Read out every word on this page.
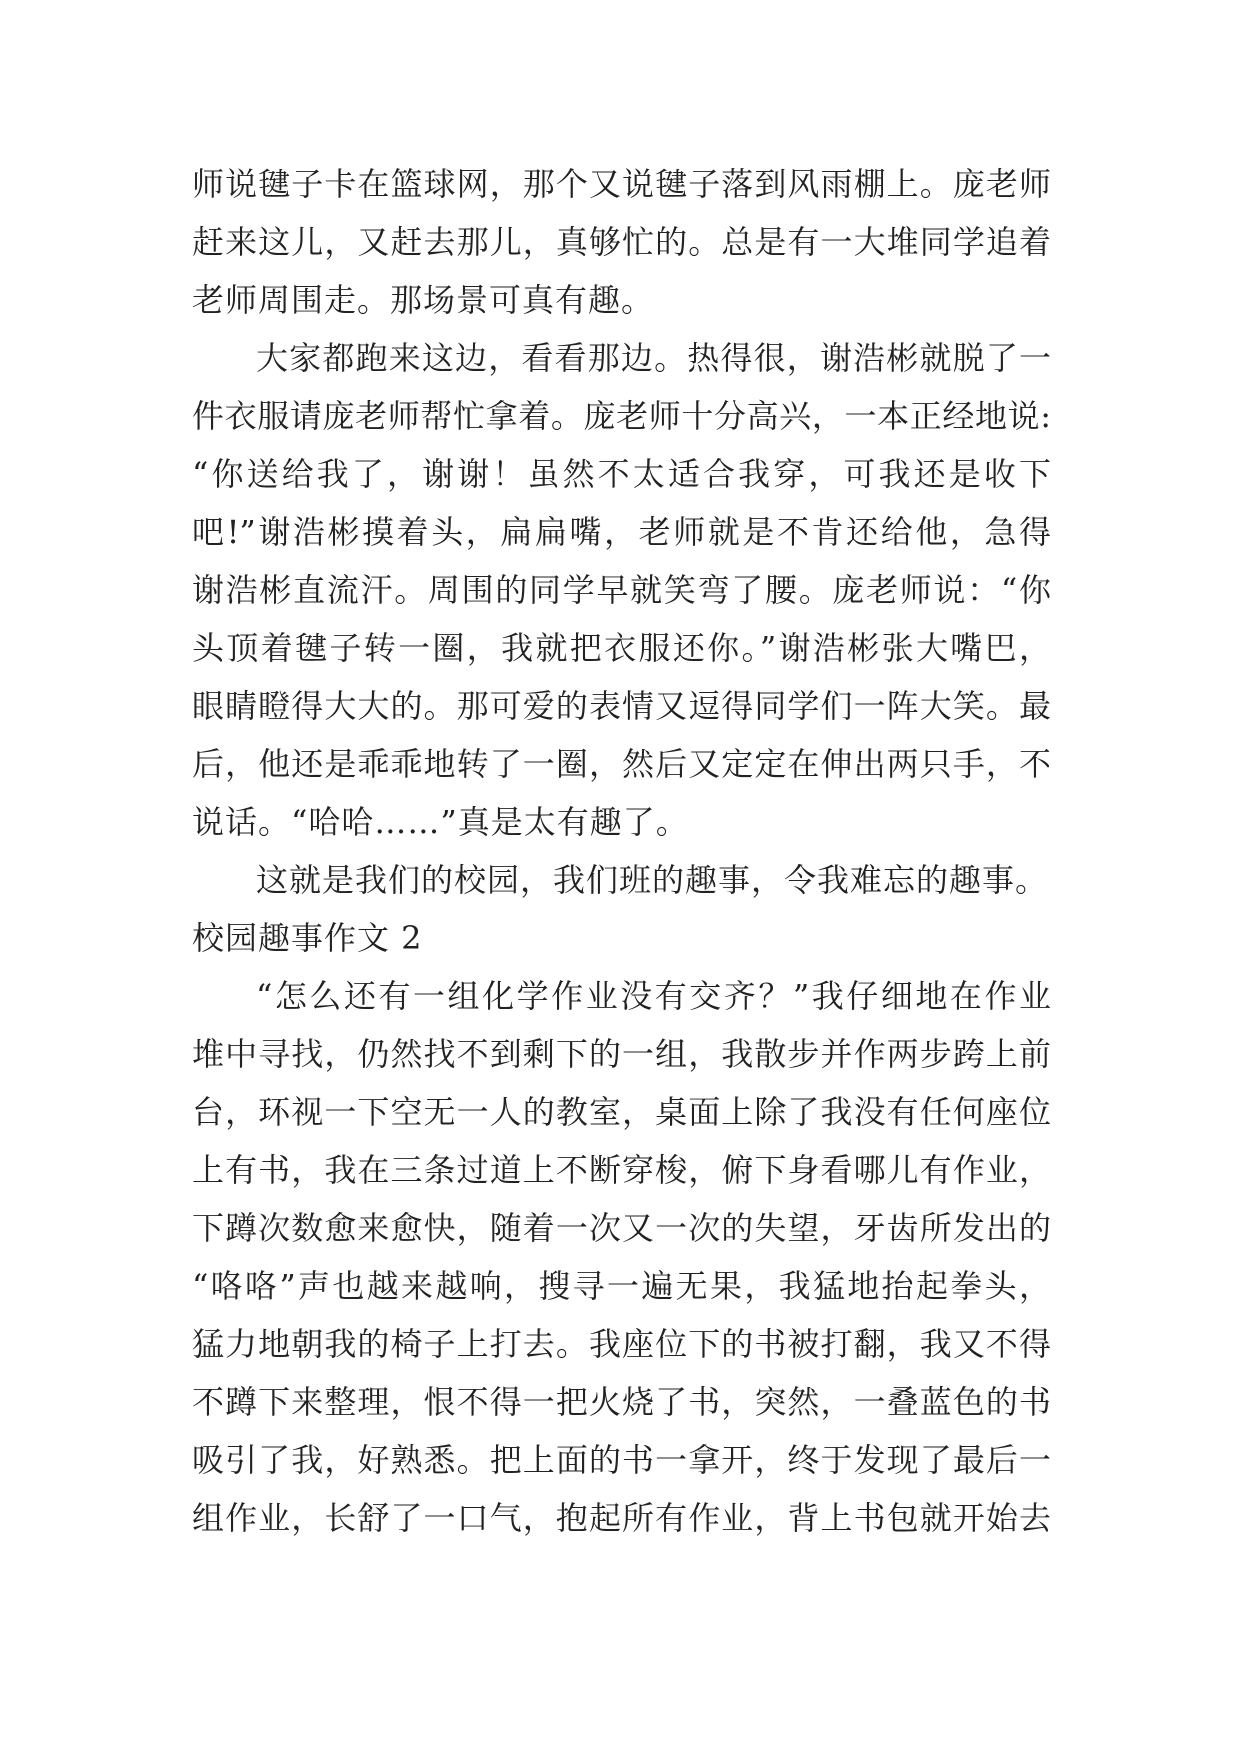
师说毽子卡在篮球网，那个又说毽子落到风雨棚上。庞老师
赶来这儿，又赶去那儿，真够忙的。总是有一大堆同学追着
老师周围走。那场景可真有趣。
大家都跑来这边，看看那边。热得很，谢浩彬就脱了一
件衣服请庞老师帮忙拿着。庞老师十分高兴，一本正经地说:
“你送给我了，谢谢！虽然不太适合我穿，可我还是收下
吧!”谢浩彬摸着头，扁扁嘴，老师就是不肯还给他，急得
谢浩彬直流汗。周围的同学早就笑弯了腰。庞老师说：“你
头顶着毽子转一圈，我就把衣服还你。”谢浩彬张大嘴巴，
眼睛瞪得大大的。那可爱的表情又逗得同学们一阵大笑。最
后，他还是乖乖地转了一圈，然后又定定在伸出两只手，不
说话。“哈哈……”真是太有趣了。
这就是我们的校园，我们班的趣事，令我难忘的趣事。
校园趣事作文 2
“怎么还有一组化学作业没有交齐？”我仔细地在作业
堆中寻找，仍然找不到剩下的一组，我散步并作两步跨上前
台，环视一下空无一人的教室，桌面上除了我没有任何座位
上有书，我在三条过道上不断穿梭，俯下身看哪儿有作业，
下蹲次数愈来愈快，随着一次又一次的失望，牙齿所发出的
“咯咯”声也越来越响，搜寻一遍无果，我猛地抬起拳头，
猛力地朝我的椅子上打去。我座位下的书被打翻，我又不得
不蹲下来整理，恨不得一把火烧了书，突然，一叠蓝色的书
吸引了我，好熟悉。把上面的书一拿开，终于发现了最后一
组作业，长舒了一口气，抱起所有作业，背上书包就开始去
